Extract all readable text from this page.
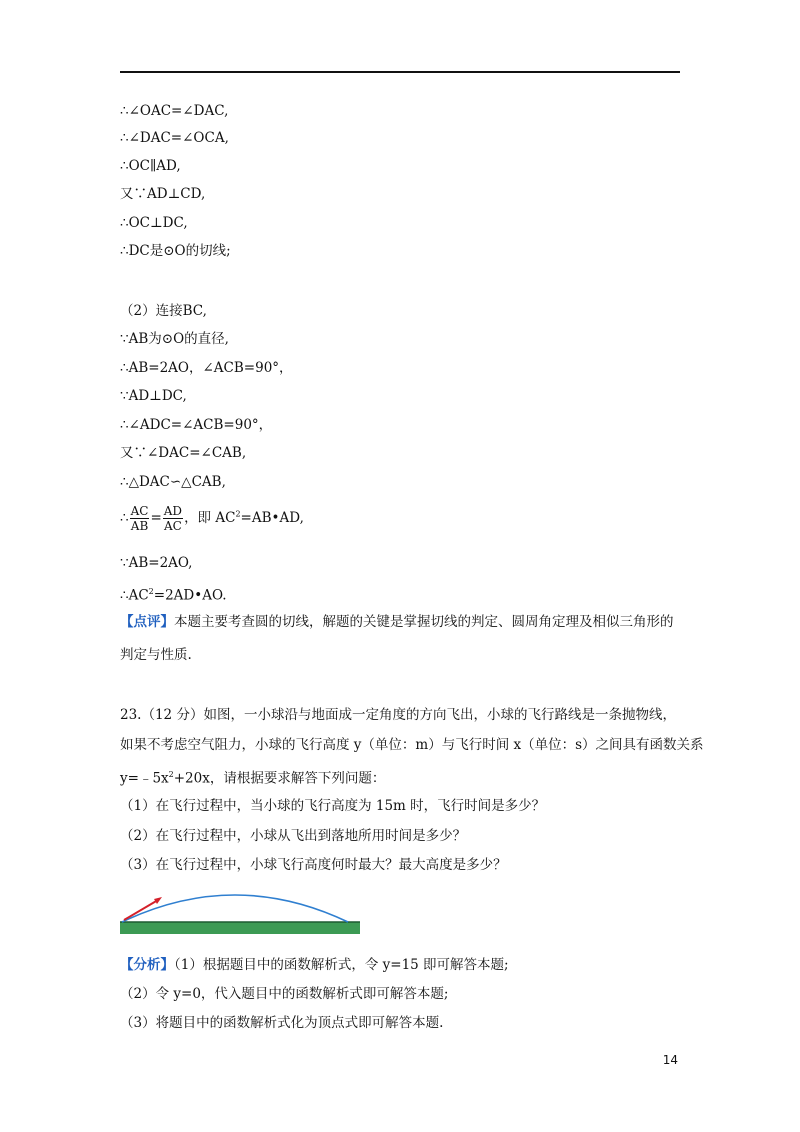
∴∠OAC=∠DAC,
∴∠DAC=∠OCA,
∴OC∥AD,
又∵AD⊥CD,
∴OC⊥DC,
∴DC是⊙O的切线;
（2）连接BC,
∵AB为⊙O的直径,
∴AB=2AO，∠ACB=90°，
∵AD⊥DC,
∴∠ADC=∠ACB=90°，
又∵∠DAC=∠CAB,
∴△DAC∽△CAB,
∴ $\frac{AC}{AB} = \frac{AD}{AC}$ ，即 $AC^2=AB•AD$,
∵AB=2AO,
$\therefore AC^2=2AD•AO$.
【点评】本题主要考查圆的切线，解题的关键是掌握切线的判定、圆周角定理及相似三角形的
判定与性质.
23.（12 分）如图，一小球沿与地面成一定角度的方向飞出，小球的飞行路线是一条抛物线，
如果不考虑空气阻力，小球的飞行高度 y（单位：m）与飞行时间 x（单位：s）之间具有函数关系
$y=﹣5x^2+20x$，请根据要求解答下列问题：
（1）在飞行过程中，当小球的飞行高度为 15m 时，飞行时间是多少？
（2）在飞行过程中，小球从飞出到落地所用时间是多少？
（3）在飞行过程中，小球飞行高度何时最大？最大高度是多少？
【分析】（1）根据题目中的函数解析式，令 y=15 即可解答本题;
（2）令 y=0，代入题目中的函数解析式即可解答本题;
（3）将题目中的函数解析式化为顶点式即可解答本题.
14
